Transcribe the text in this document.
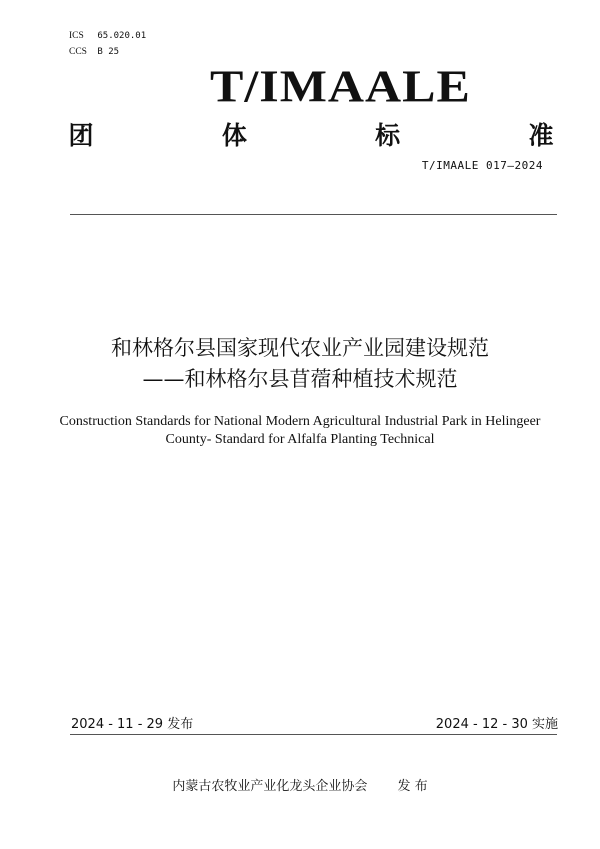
ICS 65.020.01
CCS B 25
T/IMAALE
团	体	标	准
T/IMAALE 017—2024
和林格尔县国家现代农业产业园建设规范
——和林格尔县苜蓿种植技术规范
Construction Standards for National Modern Agricultural Industrial Park in Helingeer
County- Standard for Alfalfa Planting Technical
2024 - 11 - 29 发布	2024 - 12 - 30 实施
内蒙古农牧业产业化龙头企业协会 发 布
